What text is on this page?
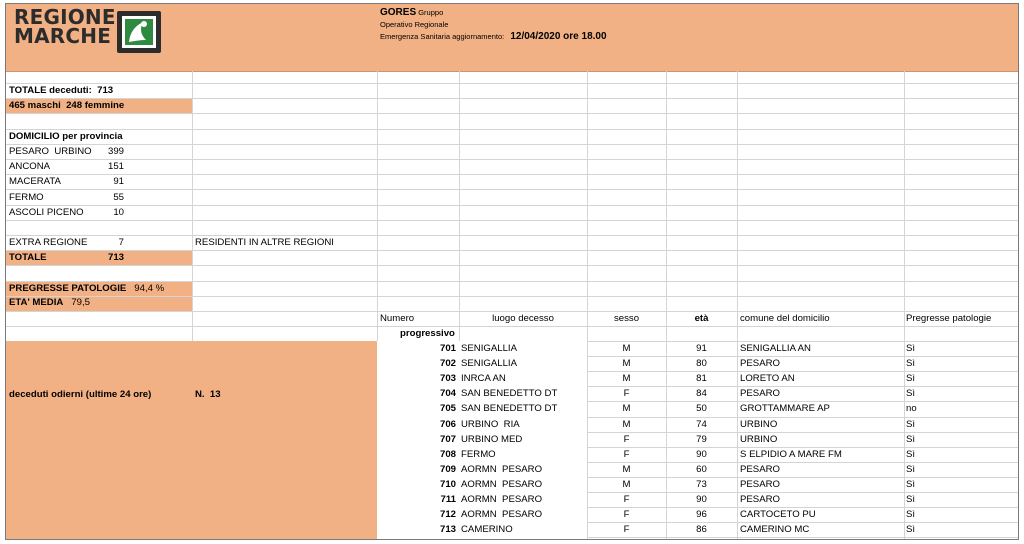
REGIONE
MARCHE
GORES Gruppo
Operativo Regionale
Emergenza Sanitaria aggiornamento: 12/04/2020 ore 18.00
TOTALE deceduti: 713
465 maschi  248 femmine
DOMICILIO per provincia
PESARO  URBINO	399
ANCONA	151
MACERATA	91
FERMO	55
ASCOLI PICENO	10
EXTRA REGIONE	7	RESIDENTI IN ALTRE REGIONI
TOTALE	713
PREGRESSE PATOLOGIE 94,4 %
ETA' MEDIA 79,5
deceduti odierni (ultime 24 ore)	N.  13
Numero
progressivo
luogo decesso	sesso	età	comune del domicilio	Pregresse patologie
701 SENIGALLIA	M	91	SENIGALLIA AN	Sì
702 SENIGALLIA	M	80	PESARO	Sì
703 INRCA AN	M	81	LORETO AN	Sì
704 SAN BENEDETTO DT	F	84	PESARO	Sì
705 SAN BENEDETTO DT	M	50	GROTTAMMARE AP	no
706 URBINO  RIA	M	74	URBINO	Sì
707 URBINO MED	F	79	URBINO	Sì
708 FERMO	F	90	S ELPIDIO A MARE FM	Sì
709 AORMN  PESARO	M	60	PESARO	Sì
710 AORMN  PESARO	M	73	PESARO	Sì
711 AORMN  PESARO	F	90	PESARO	Sì
712 AORMN  PESARO	F	96	CARTOCETO PU	Sì
713 CAMERINO	F	86	CAMERINO MC	Sì
